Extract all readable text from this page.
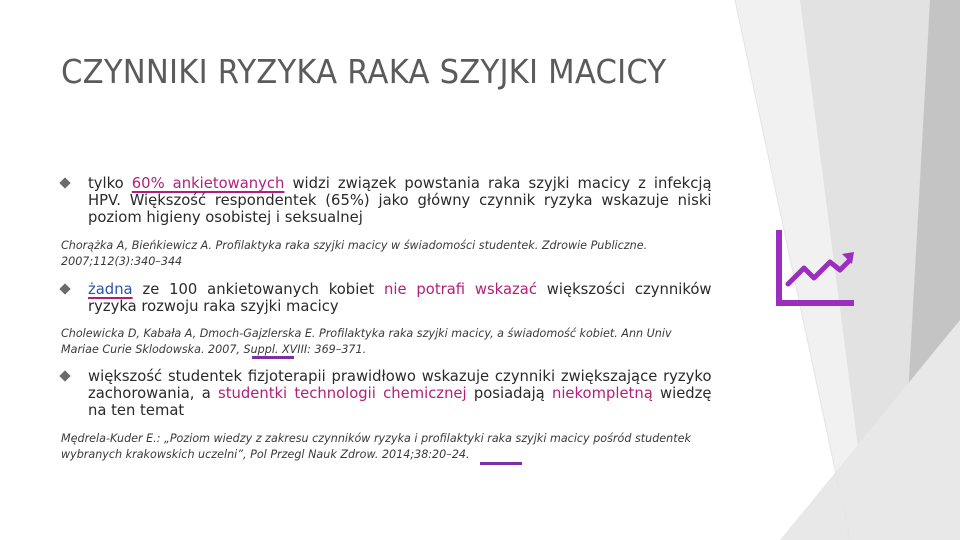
CZYNNIKI RYZYKA RAKA SZYJKI MACICY
tylko 60% ankietowanych widzi związek powstania raka szyjki macicy z infekcją HPV. Większość respondentek (65%) jako główny czynnik ryzyka wskazuje niski poziom higieny osobistej i seksualnej
Chorążka A, Bieńkiewicz A. Profilaktyka raka szyjki macicy w świadomości studentek. Zdrowie Publiczne. 2007;112(3):340–344
żadna ze 100 ankietowanych kobiet nie potrafi wskazać większości czynników ryzyka rozwoju raka szyjki macicy
Cholewicka D, Kabała A, Dmoch-Gajzlerska E. Profilaktyka raka szyjki macicy, a świadomość kobiet. Ann Univ Mariae Curie Sklodowska. 2007, Suppl. XVIII: 369–371.
większość studentek fizjoterapii prawidłowo wskazuje czynniki zwiększające ryzyko zachorowania, a studentki technologii chemicznej posiadają niekompletną wiedzę na ten temat
Mędrela-Kuder E.: „Poziom wiedzy z zakresu czynników ryzyka i profilaktyki raka szyjki macicy pośród studentek wybranych krakowskich uczelni”, Pol Przegl Nauk Zdrow. 2014;38:20–24.
